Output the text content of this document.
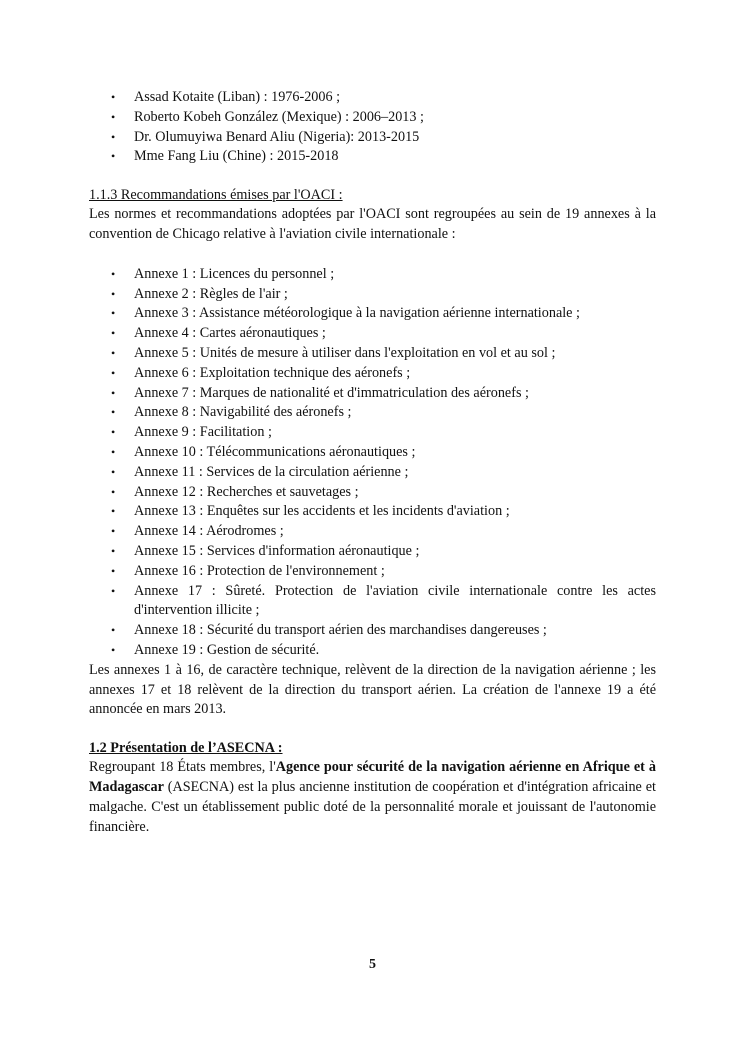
• Assad Kotaite (Liban) : 1976-2006 ;
• Roberto Kobeh González (Mexique) : 2006–2013 ;
• Dr. Olumuyiwa Benard Aliu (Nigeria): 2013-2015
• Mme Fang Liu (Chine) : 2015-2018
1.1.3 Recommandations émises par l'OACI :

Les normes et recommandations adoptées par l'OACI sont regroupées au sein de 19 annexes à la convention de Chicago relative à l'aviation civile internationale :

• Annexe 1 : Licences du personnel ;
• Annexe 2 : Règles de l'air ;
• Annexe 3 : Assistance météorologique à la navigation aérienne internationale ;
• Annexe 4 : Cartes aéronautiques ;
• Annexe 5 : Unités de mesure à utiliser dans l'exploitation en vol et au sol ;
• Annexe 6 : Exploitation technique des aéronefs ;
• Annexe 7 : Marques de nationalité et d'immatriculation des aéronefs ;
• Annexe 8 : Navigabilité des aéronefs ;
• Annexe 9 : Facilitation ;
• Annexe 10 : Télécommunications aéronautiques ;
• Annexe 11 : Services de la circulation aérienne ;
• Annexe 12 : Recherches et sauvetages ;
• Annexe 13 : Enquêtes sur les accidents et les incidents d'aviation ;
• Annexe 14 : Aérodromes ;
• Annexe 15 : Services d'information aéronautique ;
• Annexe 16 : Protection de l'environnement ;
• Annexe 17 : Sûreté. Protection de l'aviation civile internationale contre les actes d'intervention illicite ;
• Annexe 18 : Sécurité du transport aérien des marchandises dangereuses ;
• Annexe 19 : Gestion de sécurité.

Les annexes 1 à 16, de caractère technique, relèvent de la direction de la navigation aérienne ; les annexes 17 et 18 relèvent de la direction du transport aérien. La création de l'annexe 19 a été annoncée en mars 2013.

1.2 Présentation de l’ASECNA :

Regroupant 18 États membres, l'Agence pour sécurité de la navigation aérienne en Afrique et à Madagascar (ASECNA) est la plus ancienne institution de coopération et d'intégration africaine et malgache. C'est un établissement public doté de la personnalité morale et jouissant de l'autonomie financière.

5
